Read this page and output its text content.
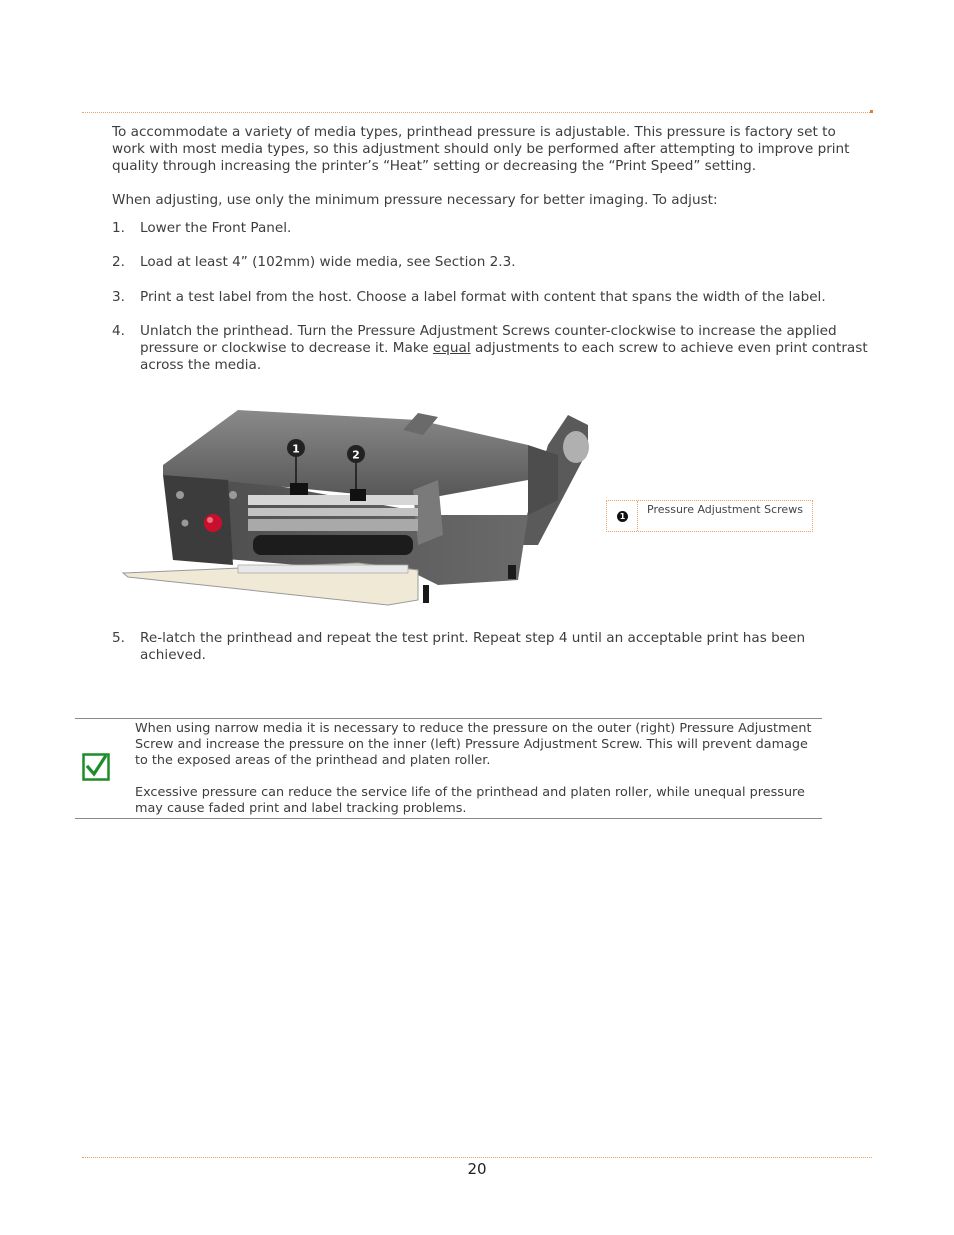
To accommodate a variety of media types, printhead pressure is adjustable. This pressure is factory set to work with most media types, so this adjustment should only be performed after attempting to improve print quality through increasing the printer’s “Heat” setting or decreasing the “Print Speed” setting.
When adjusting, use only the minimum pressure necessary for better imaging. To adjust:
1.	Lower the Front Panel.
2.	Load at least 4” (102mm) wide media, see Section 2.3.
3.	Print a test label from the host. Choose a label format with content that spans the width of the label.
4.	Unlatch the printhead. Turn the Pressure Adjustment Screws counter-clockwise to increase the applied pressure or clockwise to decrease it. Make equal adjustments to each screw to achieve even print contrast across the media.
1	2
1
Pressure Adjustment Screws
5.	Re-latch the printhead and repeat the test print. Repeat step 4 until an acceptable print has been achieved.
When using narrow media it is necessary to reduce the pressure on the outer (right) Pressure Adjustment Screw and increase the pressure on the inner (left) Pressure Adjustment Screw. This will prevent damage to the exposed areas of the printhead and platen roller.
Excessive pressure can reduce the service life of the printhead and platen roller, while unequal pressure may cause faded print and label tracking problems.
20
